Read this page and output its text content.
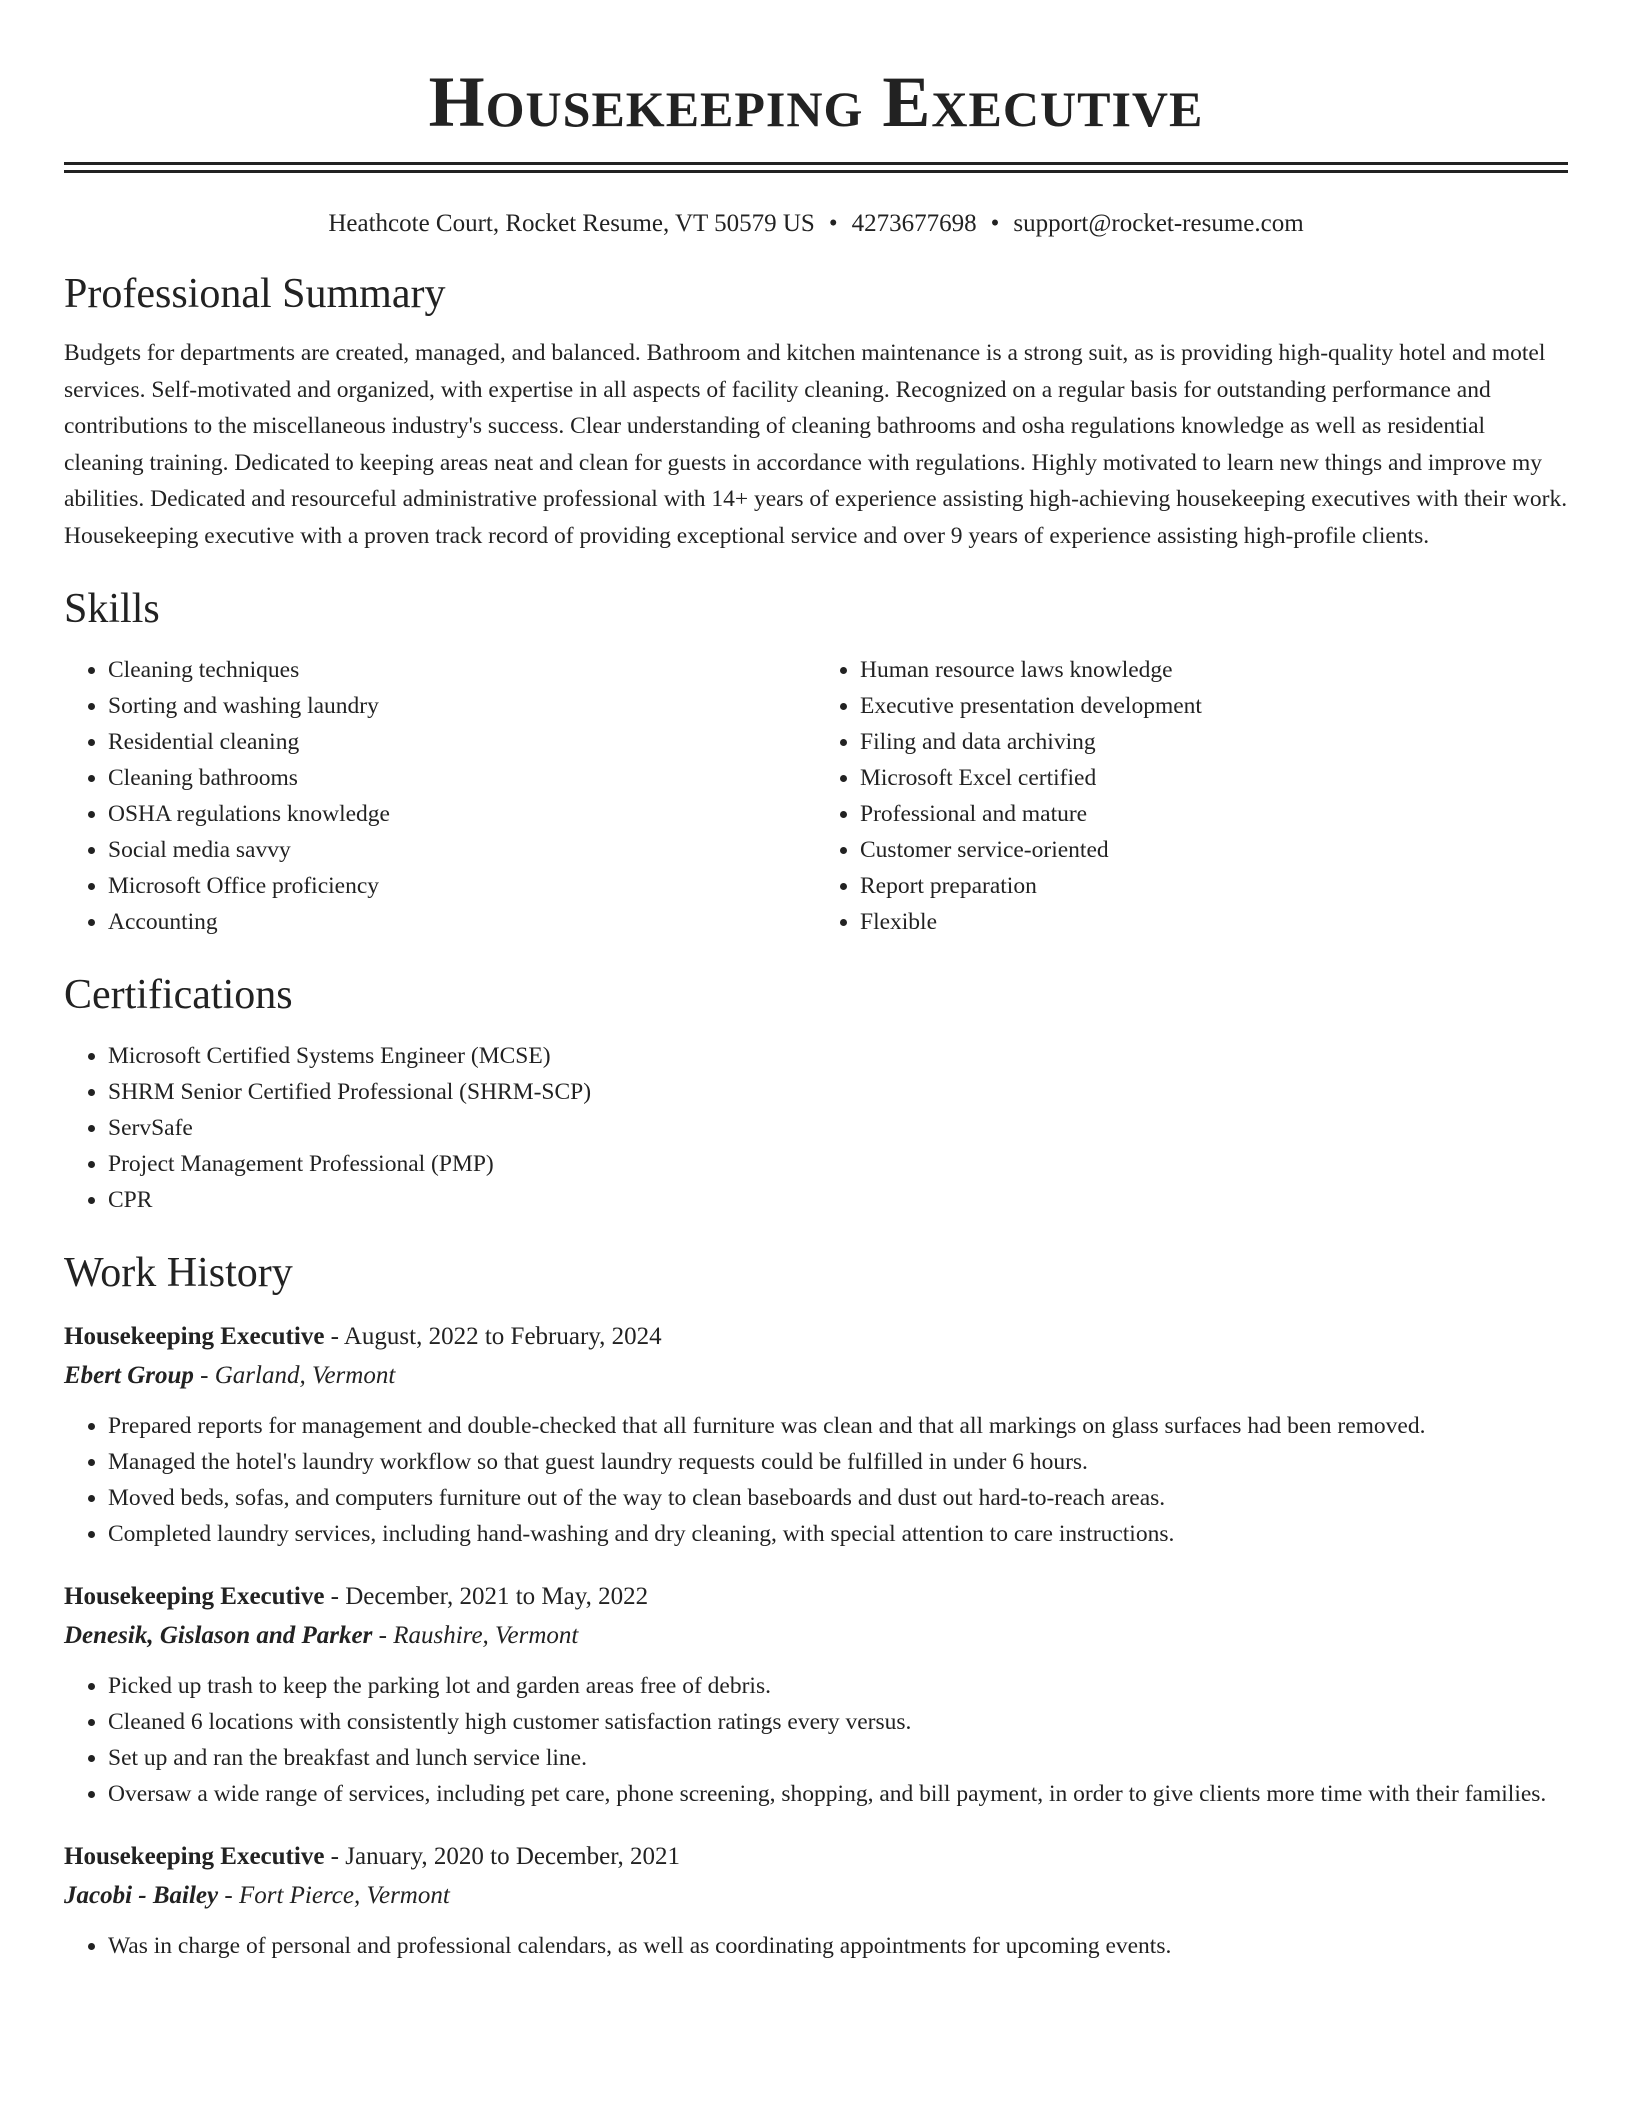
Housekeeping Executive
Heathcote Court, Rocket Resume, VT 50579 US • 4273677698 • support@rocket-resume.com
Professional Summary

Budgets for departments are created, managed, and balanced. Bathroom and kitchen maintenance is a strong suit, as is providing high-quality hotel and motel services. Self-motivated and organized, with expertise in all aspects of facility cleaning. Recognized on a regular basis for outstanding performance and contributions to the miscellaneous industry's success. Clear understanding of cleaning bathrooms and osha regulations knowledge as well as residential cleaning training. Dedicated to keeping areas neat and clean for guests in accordance with regulations. Highly motivated to learn new things and improve my abilities. Dedicated and resourceful administrative professional with 14+ years of experience assisting high-achieving housekeeping executives with their work. Housekeeping executive with a proven track record of providing exceptional service and over 9 years of experience assisting high-profile clients.

Skills
• Cleaning techniques
• Sorting and washing laundry
• Residential cleaning
• Cleaning bathrooms
• OSHA regulations knowledge
• Social media savvy
• Microsoft Office proficiency
• Accounting
• Human resource laws knowledge
• Executive presentation development
• Filing and data archiving
• Microsoft Excel certified
• Professional and mature
• Customer service-oriented
• Report preparation
• Flexible
Certifications
• Microsoft Certified Systems Engineer (MCSE)
• SHRM Senior Certified Professional (SHRM-SCP)
• ServSafe
• Project Management Professional (PMP)
• CPR
Work History
Housekeeping Executive - August, 2022 to February, 2024
Ebert Group - Garland, Vermont
• Prepared reports for management and double-checked that all furniture was clean and that all markings on glass surfaces had been removed.
• Managed the hotel's laundry workflow so that guest laundry requests could be fulfilled in under 6 hours.
• Moved beds, sofas, and computers furniture out of the way to clean baseboards and dust out hard-to-reach areas.
• Completed laundry services, including hand-washing and dry cleaning, with special attention to care instructions.
Housekeeping Executive - December, 2021 to May, 2022
Denesik, Gislason and Parker - Raushire, Vermont
• Picked up trash to keep the parking lot and garden areas free of debris.
• Cleaned 6 locations with consistently high customer satisfaction ratings every versus.
• Set up and ran the breakfast and lunch service line.
• Oversaw a wide range of services, including pet care, phone screening, shopping, and bill payment, in order to give clients more time with their families.
Housekeeping Executive - January, 2020 to December, 2021
Jacobi - Bailey - Fort Pierce, Vermont
• Was in charge of personal and professional calendars, as well as coordinating appointments for upcoming events.
